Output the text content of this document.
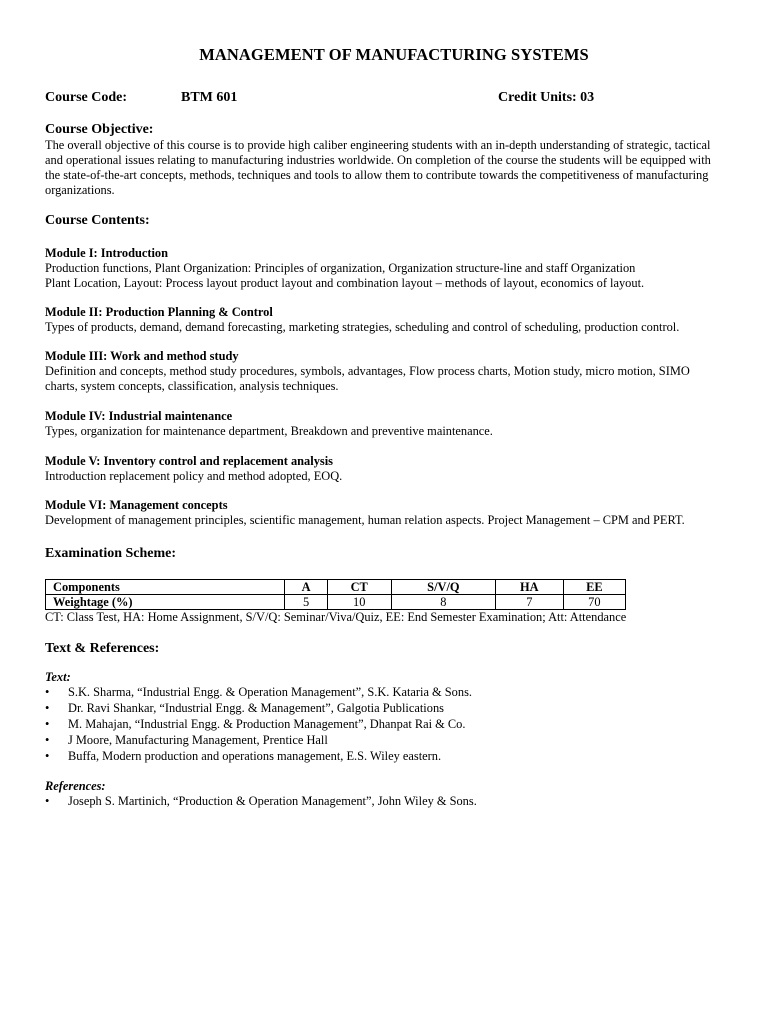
MANAGEMENT OF MANUFACTURING SYSTEMS
Course Code:	BTM 601	Credit Units: 03
Course Objective:

The overall objective of this course is to provide high caliber engineering students with an in-depth understanding of strategic, tactical and operational issues relating to manufacturing industries worldwide. On completion of the course the students will be equipped with the state-of-the-art concepts, methods, techniques and tools to allow them to contribute towards the competitiveness of manufacturing organizations.

Course Contents:
Module I: Introduction
Production functions, Plant Organization: Principles of organization, Organization structure-line and staff Organization
Plant Location, Layout: Process layout product layout and combination layout – methods of layout, economics of layout.
Module II: Production Planning & Control
Types of products, demand, demand forecasting, marketing strategies, scheduling and control of scheduling, production control.
Module III: Work and method study
Definition and concepts, method study procedures, symbols, advantages, Flow process charts, Motion study, micro motion, SIMO charts, system concepts, classification, analysis techniques.
Module IV: Industrial maintenance
Types, organization for maintenance department, Breakdown and preventive maintenance.
Module V: Inventory control and replacement analysis
Introduction replacement policy and method adopted, EOQ.
Module VI: Management concepts
Development of management principles, scientific management, human relation aspects. Project Management – CPM and PERT.
Examination Scheme:
Components	A	CT	S/V/Q	HA	EE
Weightage (%)	5	10	8	7	70
CT: Class Test, HA: Home Assignment, S/V/Q: Seminar/Viva/Quiz, EE: End Semester Examination; Att: Attendance
Text & References:
Text:
• S.K. Sharma, “Industrial Engg. & Operation Management”, S.K. Kataria & Sons.
• Dr. Ravi Shankar, “Industrial Engg. & Management”, Galgotia Publications
• M. Mahajan, “Industrial Engg. & Production Management”, Dhanpat Rai & Co.
• J Moore, Manufacturing Management, Prentice Hall
• Buffa, Modern production and operations management, E.S. Wiley eastern.
References:
• Joseph S. Martinich, “Production & Operation Management”, John Wiley & Sons.
